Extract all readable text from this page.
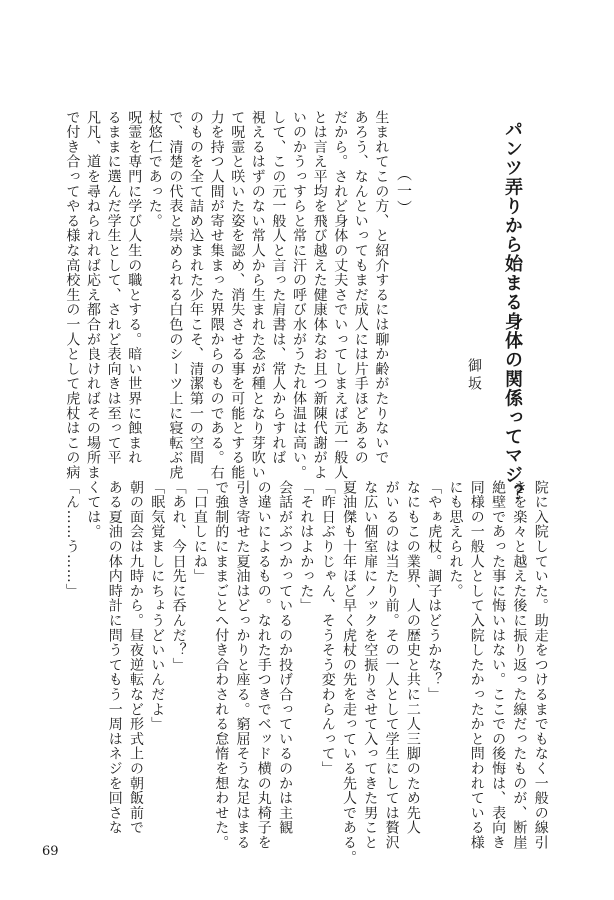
パンツ弄りから始まる身体の関係ってマジ？
御坂
（一）
生まれてこの方、と紹介するには聊か齢がたりないで
あろう、なんといってもまだ成人には片手ほどあるの
だから。されど身体の丈夫さでいってしまえば元一般人
とは言え平均を飛び越えた健康体なお且つ新陳代謝がよ
いのかうっすらと常に汗の呼び水がうたれ体温は高い。
して、この元一般人と言った肩書は、常人からすれば
視えるはずのない常人から生まれた念が種となり芽吹い
て呪霊と咲いた姿を認め、消失させる事を可能とする能
力を持つ人間が寄せ集まった界隈からのものである。右
のものを全て詰め込まれた少年こそ、清潔第一の空間
で、清楚の代表と崇められる白色のシーツ上に寝転ぶ虎
杖悠仁であった。
呪霊を専門に学び人生の職とする。暗い世界に蝕まれ
るままに選んだ学生として、されど表向きは至って平
凡凡、道を尋ねられれば応え都合が良ければその場所ま
で付き合ってやる様な高校生の一人として虎杖はこの病
院に入院していた。助走をつけるまでもなく一般の線引
きを楽々と越えた後に振り返った線だったものが、断崖
絶壁であった事に悔いはない。ここでの後悔は、表向き
同様の一般人として入院したかったかと問われている様
にも思えられた。
「やぁ虎杖。調子はどうかな？」
なにもこの業界、人の歴史と共に二人三脚のため先人
がいるのは当たり前。その一人として学生にしては贅沢
な広い個室扉にノックを空振りさせて入ってきた男こと
夏油傑も十年ほど早く虎杖の先を走っている先人である。
「昨日ぶりじゃん、そうそう変わらんって」
「それはよかった」
会話がぶつかっているのか投げ合っているのかは主観
の違いによるもの。なれた手つきでベッド横の丸椅子を
引き寄せた夏油はどっかりと座る。窮屈そうな足はまる
で強制的にままごとへ付き合わされる怠惰を想わせた。
「口直しにね」
「あれ、今日先に呑んだ？」
「眠気覚ましにちょうどいいんだよ」
朝の面会は九時から。昼夜逆転など形式上の朝飯前で
ある夏油の体内時計に問うてもう一周はネジを回さな
くては。
「ん……う……」
69
